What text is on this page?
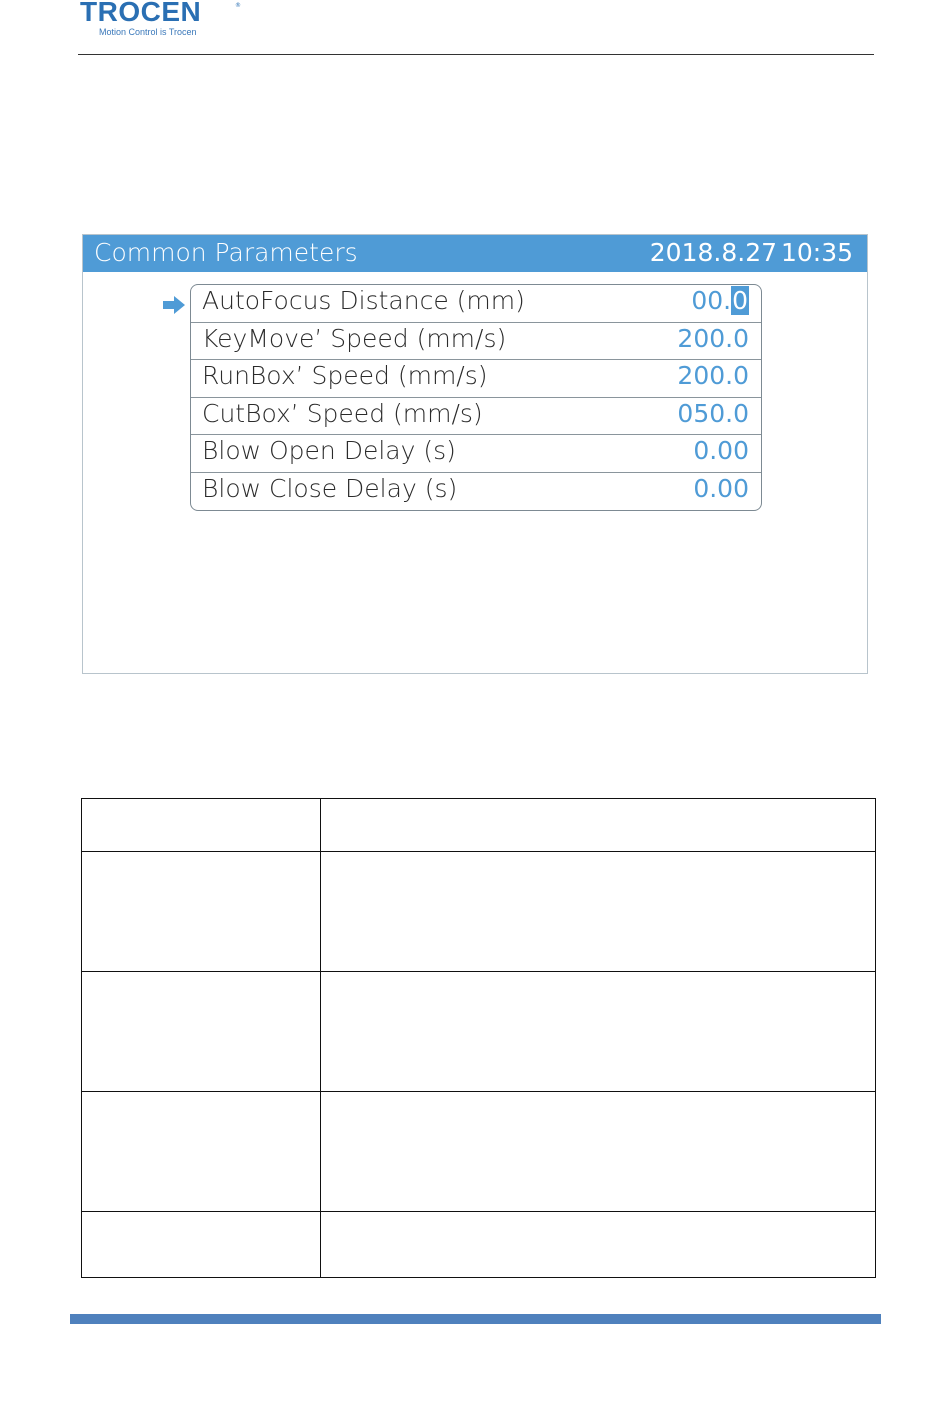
TROCEN	®
Motion Control is Trocen
Common Parameters	2018.8.27 10:35
AutoFocus Distance (mm)	00.0
KeyMove’ Speed (mm/s)	200.0
RunBox’ Speed (mm/s)	200.0
CutBox’ Speed (mm/s)	050.0
Blow Open Delay (s)	0.00
Blow Close Delay (s)	0.00
